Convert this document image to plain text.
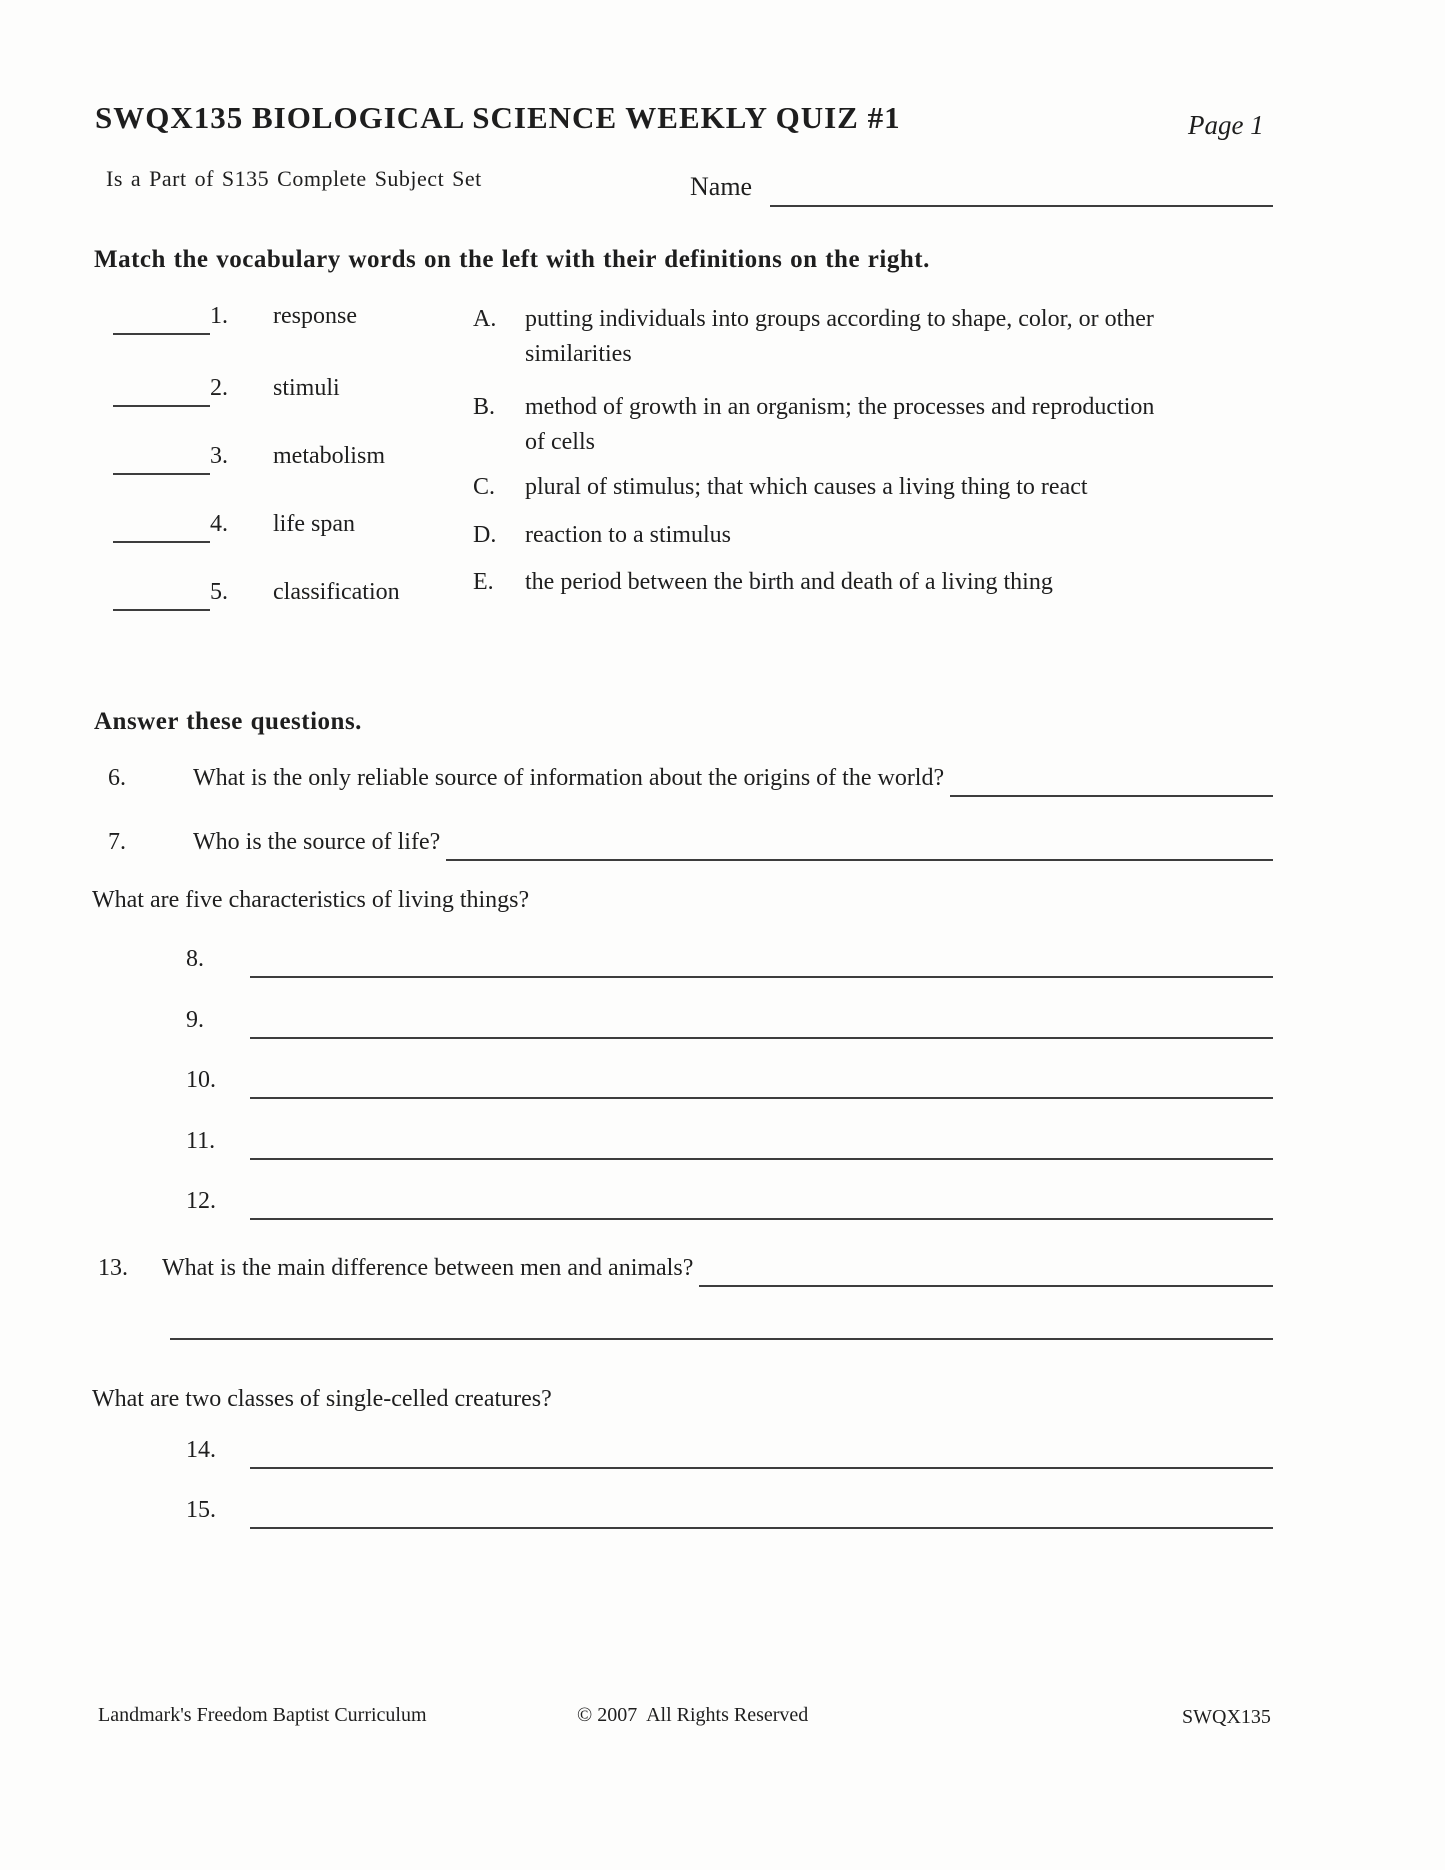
SWQX135 BIOLOGICAL SCIENCE WEEKLY QUIZ #1	Page 1
Is a Part of S135 Complete Subject Set	Name
Match the vocabulary words on the left with their definitions on the right.
1.	response
2.	stimuli
3.	metabolism
4.	life span
5.	classification
A.	putting individuals into groups according to shape, color, or other similarities
B.	method of growth in an organism; the processes and reproduction of cells
C.	plural of stimulus; that which causes a living thing to react
D.	reaction to a stimulus
E.	the period between the birth and death of a living thing
Answer these questions.
6.	What is the only reliable source of information about the origins of the world?
7.	Who is the source of life?
What are five characteristics of living things?
8.
9.
10.
11.
12.
13.	What is the main difference between men and animals?
What are two classes of single-celled creatures?
14.
15.
Landmark's Freedom Baptist Curriculum	© 2007  All Rights Reserved	SWQX135
